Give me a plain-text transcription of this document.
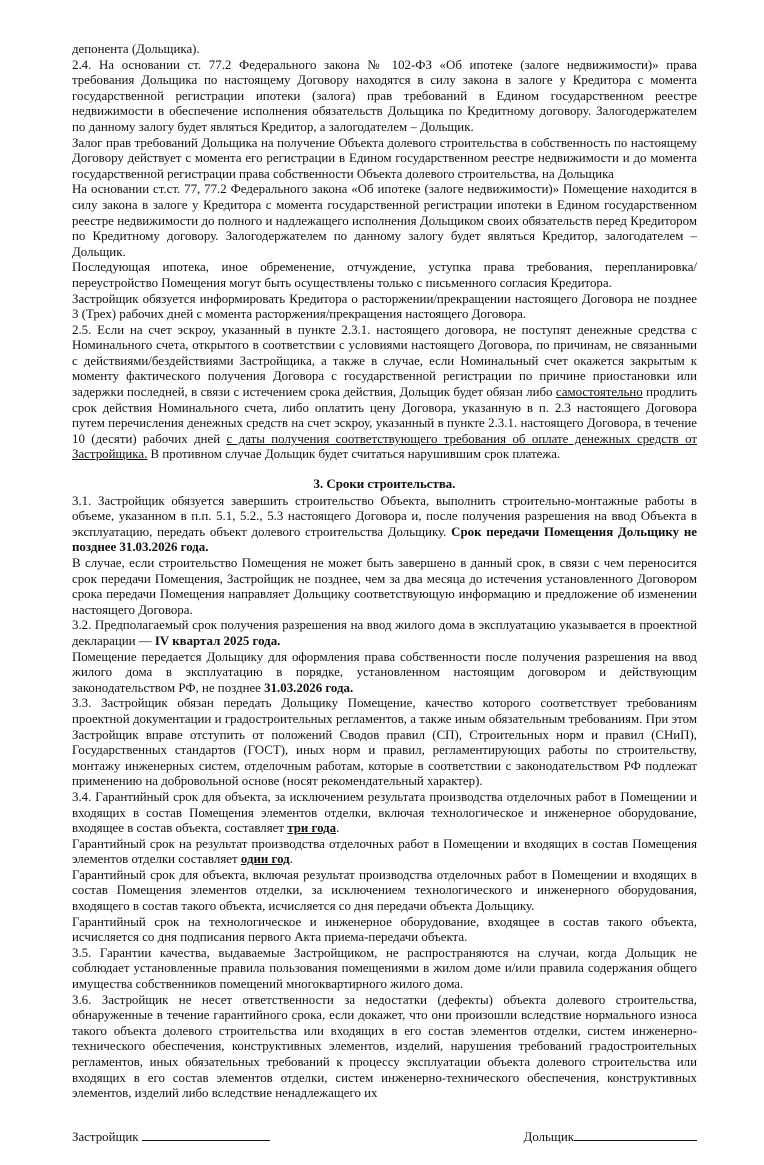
депонента (Дольщика).

2.4. На основании ст. 77.2 Федерального закона № 102-ФЗ «Об ипотеке (залоге недвижимости)» права требования Дольщика по настоящему Договору находятся в силу закона в залоге у Кредитора с момента государственной регистрации ипотеки (залога) прав требований в Едином государственном реестре недвижимости в обеспечение исполнения обязательств Дольщика по Кредитному договору. Залогодержателем по данному залогу будет являться Кредитор, а залогодателем – Дольщик.

Залог прав требований Дольщика на получение Объекта долевого строительства в собственность по настоящему Договору действует с момента его регистрации в Едином государственном реестре недвижимости и до момента государственной регистрации права собственности Объекта долевого строительства, на Дольщика

На основании ст.ст. 77, 77.2 Федерального закона «Об ипотеке (залоге недвижимости)» Помещение находится в силу закона в залоге у Кредитора с момента государственной регистрации ипотеки в Едином государственном реестре недвижимости до полного и надлежащего исполнения Дольщиком своих обязательств перед Кредитором по Кредитному договору. Залогодержателем по данному залогу будет являться Кредитор, залогодателем – Дольщик.

Последующая ипотека, иное обременение, отчуждение, уступка права требования, перепланировка/переустройство Помещения могут быть осуществлены только с письменного согласия Кредитора.

Застройщик обязуется информировать Кредитора о расторжении/прекращении настоящего Договора не позднее 3 (Трех) рабочих дней с момента расторжения/прекращения настоящего Договора.

2.5. Если на счет эскроу, указанный в пункте 2.3.1. настоящего договора, не поступят денежные средства с Номинального счета, открытого в соответствии с условиями настоящего Договора, по причинам, не связанными с действиями/бездействиями Застройщика, а также в случае, если Номинальный счет окажется закрытым к моменту фактического получения Договора с государственной регистрации по причине приостановки или задержки последней, в связи с истечением срока действия, Дольщик будет обязан либо самостоятельно продлить срок действия Номинального счета, либо оплатить цену Договора, указанную в п. 2.3 настоящего Договора путем перечисления денежных средств на счет эскроу, указанный в пункте 2.3.1. настоящего Договора, в течение 10 (десяти) рабочих дней с даты получения соответствующего требования об оплате денежных средств от Застройщика. В противном случае Дольщик будет считаться нарушившим срок платежа.

3. Сроки строительства.

3.1. Застройщик обязуется завершить строительство Объекта, выполнить строительно-монтажные работы в объеме, указанном в п.п. 5.1, 5.2., 5.3 настоящего Договора и, после получения разрешения на ввод Объекта в эксплуатацию, передать объект долевого строительства Дольщику. Срок передачи Помещения Дольщику не позднее 31.03.2026 года.

В случае, если строительство Помещения не может быть завершено в данный срок, в связи с чем переносится срок передачи Помещения, Застройщик не позднее, чем за два месяца до истечения установленного Договором срока передачи Помещения направляет Дольщику соответствующую информацию и предложение об изменении настоящего Договора.

3.2. Предполагаемый срок получения разрешения на ввод жилого дома в эксплуатацию указывается в проектной декларации — IV квартал 2025 года.

Помещение передается Дольщику для оформления права собственности после получения разрешения на ввод жилого дома в эксплуатацию в порядке, установленном настоящим договором и действующим законодательством РФ, не позднее 31.03.2026 года.

3.3. Застройщик обязан передать Дольщику Помещение, качество которого соответствует требованиям проектной документации и градостроительных регламентов, а также иным обязательным требованиям. При этом Застройщик вправе отступить от положений Сводов правил (СП), Строительных норм и правил (СНиП), Государственных стандартов (ГОСТ), иных норм и правил, регламентирующих работы по строительству, монтажу инженерных систем, отделочным работам, которые в соответствии с законодательством РФ подлежат применению на добровольной основе (носят рекомендательный характер).

3.4. Гарантийный срок для объекта, за исключением результата производства отделочных работ в Помещении и входящих в состав Помещения элементов отделки, включая технологическое и инженерное оборудование, входящее в состав объекта, составляет три года.

Гарантийный срок на результат производства отделочных работ в Помещении и входящих в состав Помещения элементов отделки составляет один год.

Гарантийный срок для объекта, включая результат производства отделочных работ в Помещении и входящих в состав Помещения элементов отделки, за исключением технологического и инженерного оборудования, входящего в состав такого объекта, исчисляется со дня передачи объекта Дольщику.

Гарантийный срок на технологическое и инженерное оборудование, входящее в состав такого объекта, исчисляется со дня подписания первого Акта приема-передачи объекта.

3.5. Гарантии качества, выдаваемые Застройщиком, не распространяются на случаи, когда Дольщик не соблюдает установленные правила пользования помещениями в жилом доме и/или правила содержания общего имущества собственников помещений многоквартирного жилого дома.

3.6. Застройщик не несет ответственности за недостатки (дефекты) объекта долевого строительства, обнаруженные в течение гарантийного срока, если докажет, что они произошли вследствие нормального износа такого объекта долевого строительства или входящих в его состав элементов отделки, систем инженерно-технического обеспечения, конструктивных элементов, изделий, нарушения требований градостроительных регламентов, иных обязательных требований к процессу эксплуатации объекта долевого строительства или входящих в его состав элементов отделки, систем инженерно-технического обеспечения, конструктивных элементов, изделий либо вследствие ненадлежащего их

Застройщик	Дольщик
